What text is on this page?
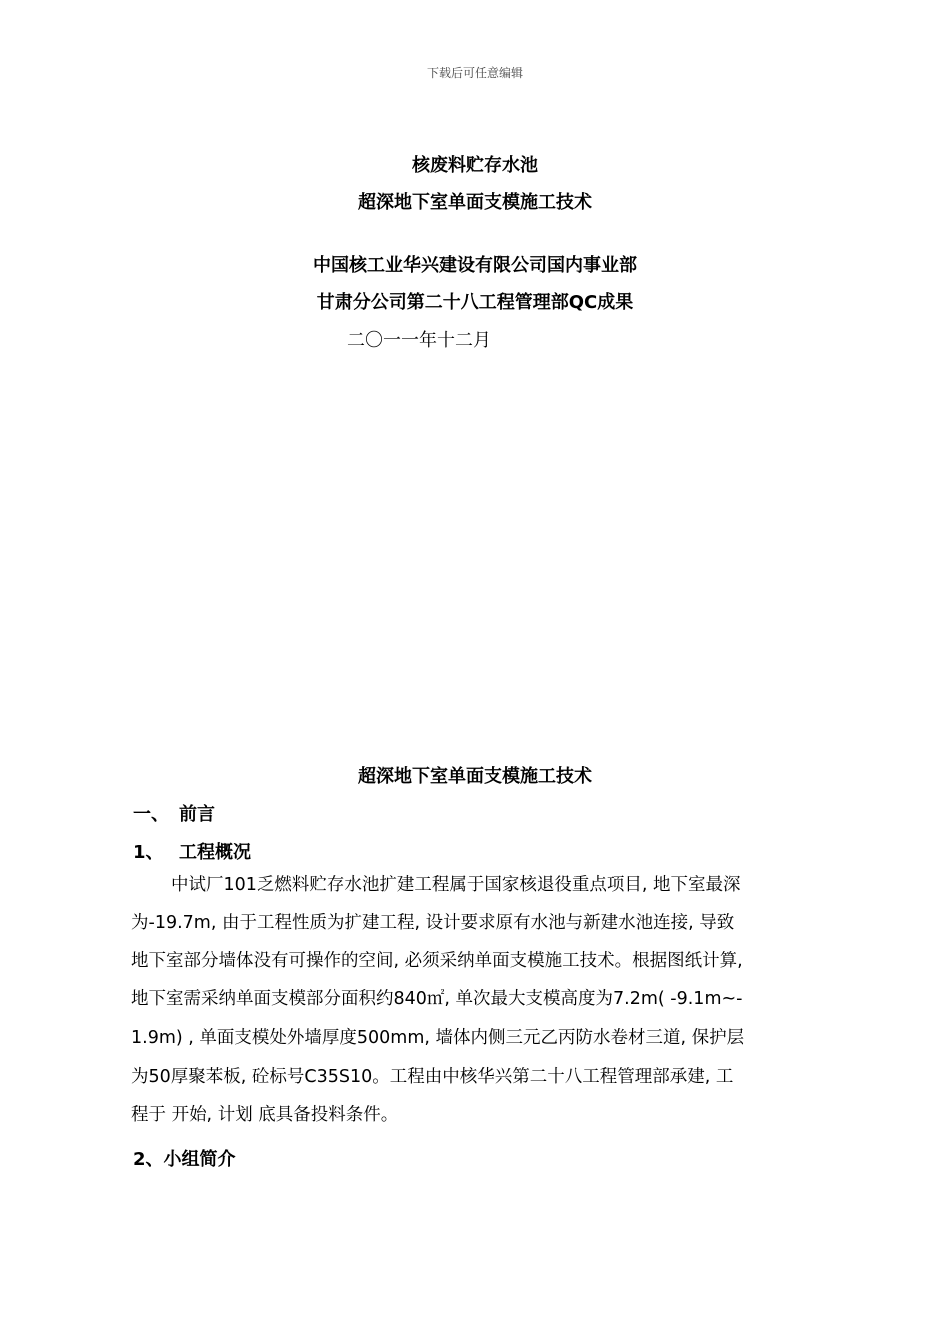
下载后可任意编辑
核废料贮存水池
超深地下室单面支模施工技术
中国核工业华兴建设有限公司国内事业部
甘肃分公司第二十八工程管理部QC成果
二〇一一年十二月
超深地下室单面支模施工技术
一、 前言
1、 工程概况
中试厂101乏燃料贮存水池扩建工程属于国家核退役重点项目, 地下室最深
为-19.7m, 由于工程性质为扩建工程, 设计要求原有水池与新建水池连接, 导致
地下室部分墙体没有可操作的空间, 必须采纳单面支模施工技术。根据图纸计算,
地下室需采纳单面支模部分面积约840㎡, 单次最大支模高度为7.2m( -9.1m~-
1.9m) , 单面支模处外墙厚度500mm, 墙体内侧三元乙丙防水卷材三道, 保护层
为50厚聚苯板, 砼标号C35S10。工程由中核华兴第二十八工程管理部承建, 工
程于 开始, 计划 底具备投料条件。
2、小组简介
